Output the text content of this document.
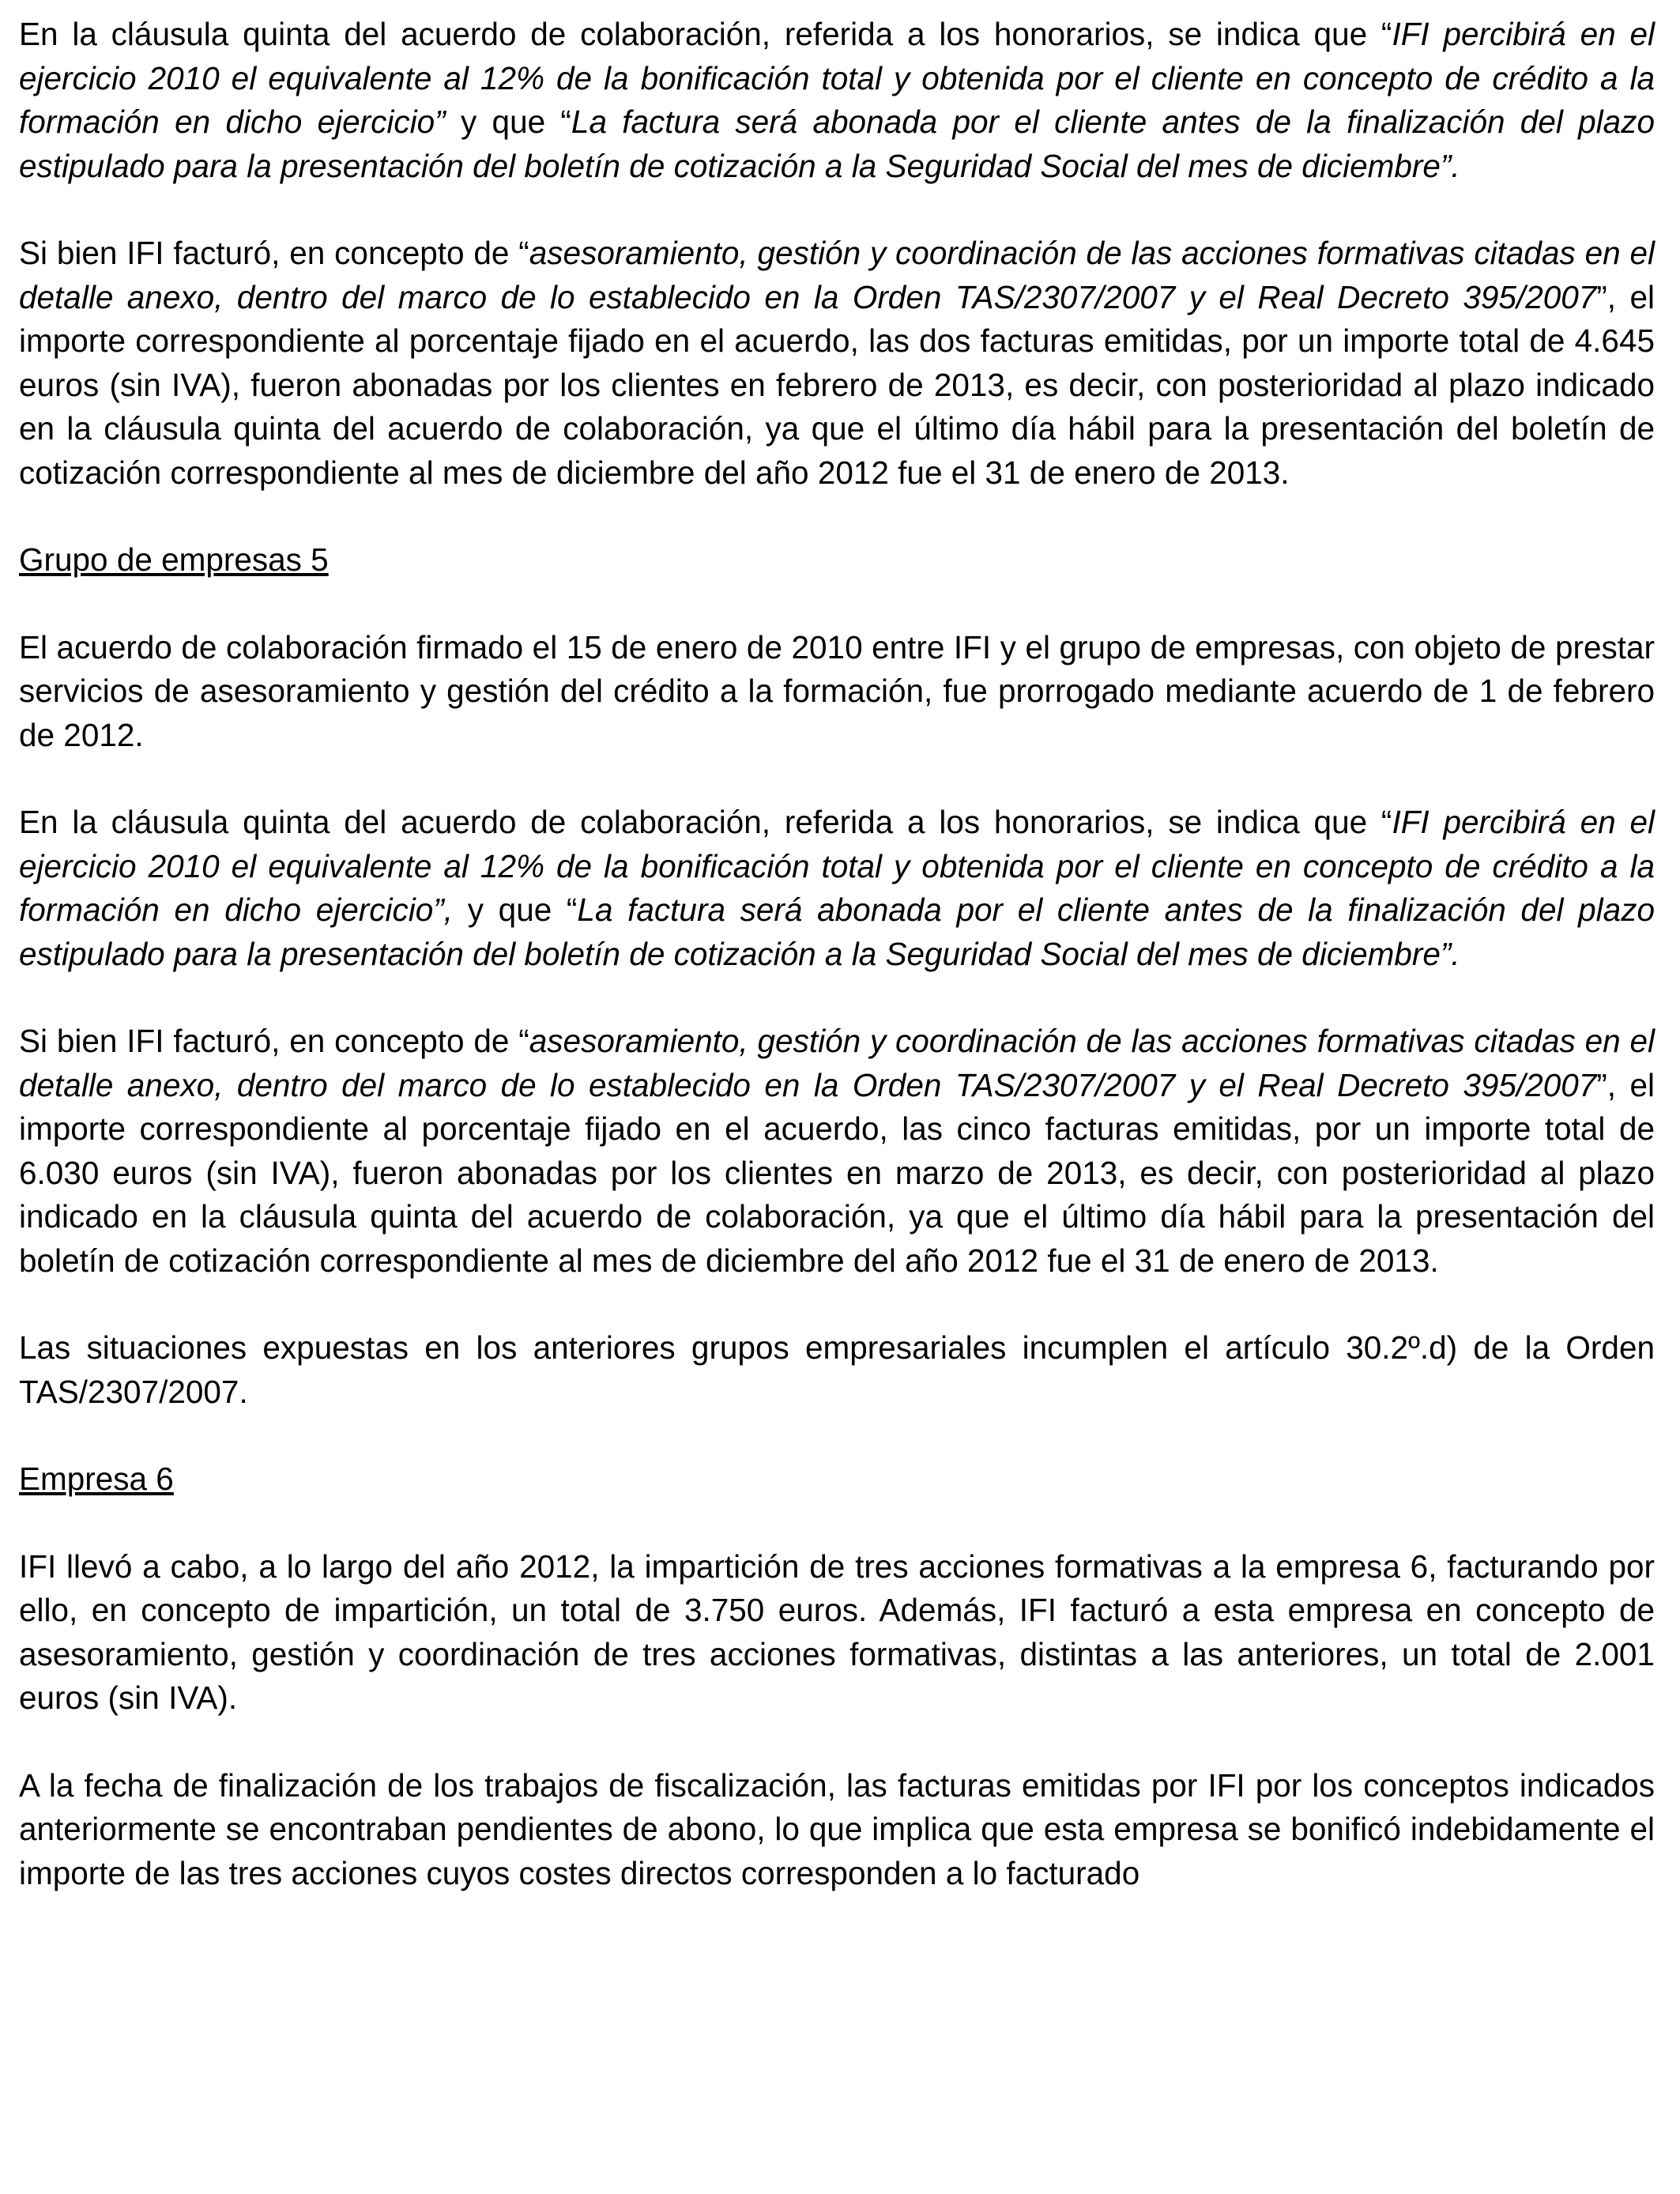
En la cláusula quinta del acuerdo de colaboración, referida a los honorarios, se indica que “IFI percibirá en el ejercicio 2010 el equivalente al 12% de la bonificación total y obtenida por el cliente en concepto de crédito a la formación en dicho ejercicio” y que “La factura será abonada por el cliente antes de la finalización del plazo estipulado para la presentación del boletín de cotización a la Seguridad Social del mes de diciembre”.

Si bien IFI facturó, en concepto de “asesoramiento, gestión y coordinación de las acciones formativas citadas en el detalle anexo, dentro del marco de lo establecido en la Orden TAS/2307/2007 y el Real Decreto 395/2007”, el importe correspondiente al porcentaje fijado en el acuerdo, las dos facturas emitidas, por un importe total de 4.645 euros (sin IVA), fueron abonadas por los clientes en febrero de 2013, es decir, con posterioridad al plazo indicado en la cláusula quinta del acuerdo de colaboración, ya que el último día hábil para la presentación del boletín de cotización correspondiente al mes de diciembre del año 2012 fue el 31 de enero de 2013.

Grupo de empresas 5

El acuerdo de colaboración firmado el 15 de enero de 2010 entre IFI y el grupo de empresas, con objeto de prestar servicios de asesoramiento y gestión del crédito a la formación, fue prorrogado mediante acuerdo de 1 de febrero de 2012.

En la cláusula quinta del acuerdo de colaboración, referida a los honorarios, se indica que “IFI percibirá en el ejercicio 2010 el equivalente al 12% de la bonificación total y obtenida por el cliente en concepto de crédito a la formación en dicho ejercicio”, y que “La factura será abonada por el cliente antes de la finalización del plazo estipulado para la presentación del boletín de cotización a la Seguridad Social del mes de diciembre”.

Si bien IFI facturó, en concepto de “asesoramiento, gestión y coordinación de las acciones formativas citadas en el detalle anexo, dentro del marco de lo establecido en la Orden TAS/2307/2007 y el Real Decreto 395/2007”, el importe correspondiente al porcentaje fijado en el acuerdo, las cinco facturas emitidas, por un importe total de 6.030 euros (sin IVA), fueron abonadas por los clientes en marzo de 2013, es decir, con posterioridad al plazo indicado en la cláusula quinta del acuerdo de colaboración, ya que el último día hábil para la presentación del boletín de cotización correspondiente al mes de diciembre del año 2012 fue el 31 de enero de 2013.

Las situaciones expuestas en los anteriores grupos empresariales incumplen el artículo 30.2º.d) de la Orden TAS/2307/2007.

Empresa 6

IFI llevó a cabo, a lo largo del año 2012, la impartición de tres acciones formativas a la empresa 6, facturando por ello, en concepto de impartición, un total de 3.750 euros. Además, IFI facturó a esta empresa en concepto de asesoramiento, gestión y coordinación de tres acciones formativas, distintas a las anteriores, un total de 2.001 euros (sin IVA).

A la fecha de finalización de los trabajos de fiscalización, las facturas emitidas por IFI por los conceptos indicados anteriormente se encontraban pendientes de abono, lo que implica que esta empresa se bonificó indebidamente el importe de las tres acciones cuyos costes directos corresponden a lo facturado
